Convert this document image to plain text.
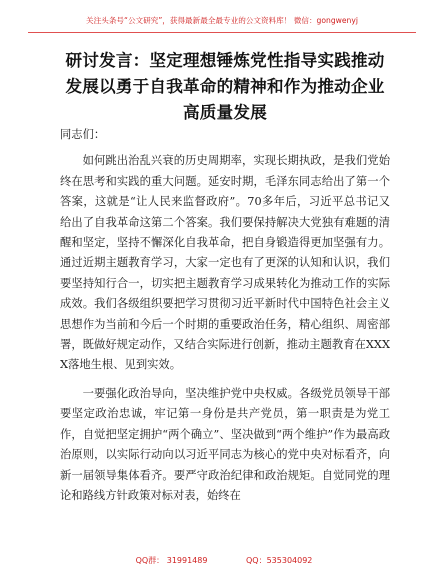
关注头条号“公文研究”，获得最新最全最专业的公文资料库！ 微信：gongwenyj
研讨发言：坚定理想锤炼党性指导实践推动发展以勇于自我革命的精神和作为推动企业高质量发展

同志们：

如何跳出治乱兴衰的历史周期率，实现长期执政，是我们党始终在思考和实践的重大问题。延安时期，毛泽东同志给出了第一个答案，这就是“让人民来监督政府”。70多年后，习近平总书记又给出了自我革命这第二个答案。我们要保持解决大党独有难题的清醒和坚定，坚持不懈深化自我革命，把自身锻造得更加坚强有力。通过近期主题教育学习，大家一定也有了更深的认知和认识，我们要坚持知行合一，切实把主题教育学习成果转化为推动工作的实际成效。我们各级组织要把学习贯彻习近平新时代中国特色社会主义思想作为当前和今后一个时期的重要政治任务，精心组织、周密部署，既做好规定动作，又结合实际进行创新，推动主题教育在XXXX落地生根、见到实效。

一要强化政治导向，坚决维护党中央权威。各级党员领导干部要坚定政治忠诚，牢记第一身份是共产党员，第一职责是为党工作，自觉把坚定拥护“两个确立”、坚决做到“两个维护”作为最高政治原则，以实际行动向以习近平同志为核心的党中央对标看齐，向新一届领导集体看齐。要严守政治纪律和政治规矩。自觉同党的理论和路线方针政策对标对表，始终在

QQ群： 31991489	QQ：535304092
